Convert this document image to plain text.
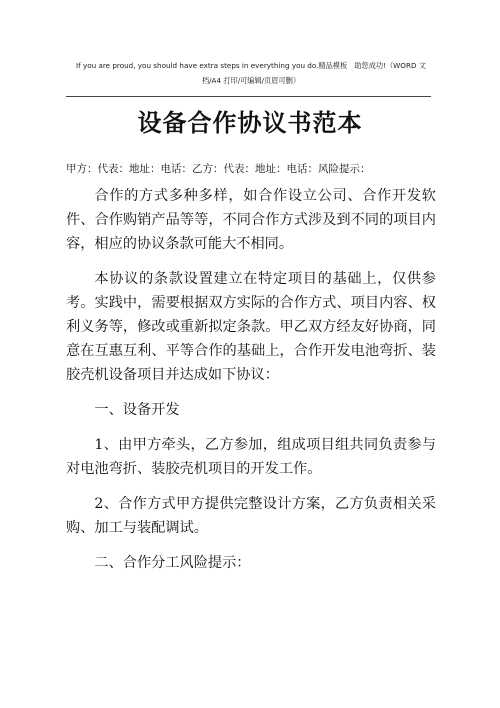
If you are proud, you should have extra steps in everything you do.精品模板　助您成功!（WORD 文档/A4 打印/可编辑/页眉可删）
设备合作协议书范本
甲方：代表：地址：电话：乙方：代表：地址：电话：风险提示：

合作的方式多种多样，如合作设立公司、合作开发软件、合作购销产品等等，不同合作方式涉及到不同的项目内容，相应的协议条款可能大不相同。

本协议的条款设置建立在特定项目的基础上，仅供参考。实践中，需要根据双方实际的合作方式、项目内容、权利义务等，修改或重新拟定条款。甲乙双方经友好协商，同意在互惠互利、平等合作的基础上，合作开发电池弯折、装胶壳机设备项目并达成如下协议：

一、设备开发

1、由甲方牵头，乙方参加，组成项目组共同负责参与对电池弯折、装胶壳机项目的开发工作。

2、合作方式甲方提供完整设计方案，乙方负责相关采购、加工与装配调试。

二、合作分工风险提示：
